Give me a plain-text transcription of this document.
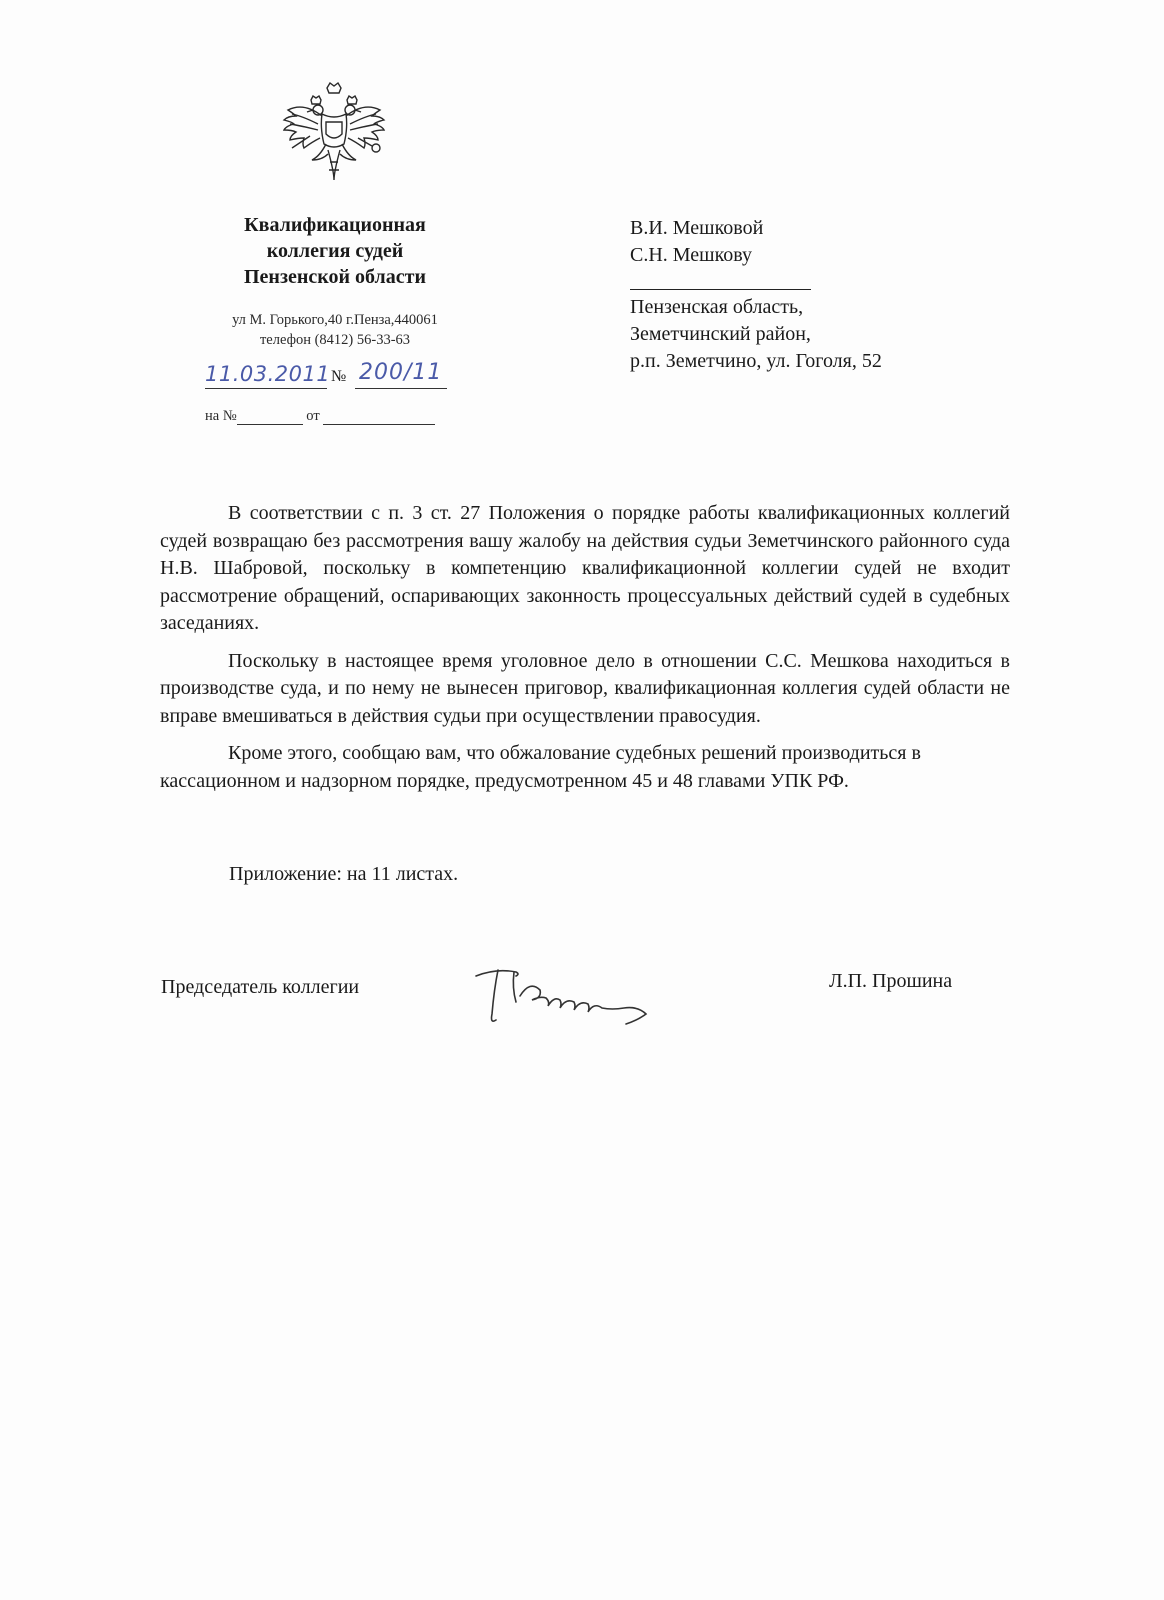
Квалификационная
коллегия судей
Пензенской области
ул М. Горького,40 г.Пенза,440061
телефон (8412) 56-33-63
11.03.2011 № 200/11
на №	от
В.И. Мешковой
С.Н. Мешкову
Пензенская область,
Земетчинский район,
р.п. Земетчино, ул. Гоголя, 52

В соответствии с п. 3 ст. 27 Положения о порядке работы квалификационных коллегий судей возвращаю без рассмотрения вашу жалобу на действия судьи Земетчинского районного суда Н.В. Шабровой, поскольку в компетенцию квалификационной коллегии судей не входит рассмотрение обращений, оспаривающих законность процессуальных действий судей в судебных заседаниях.

Поскольку в настоящее время уголовное дело в отношении С.С. Мешкова находиться в производстве суда, и по нему не вынесен приговор, квалификационная коллегия судей области не вправе вмешиваться в действия судьи при осуществлении правосудия.

Кроме этого, сообщаю вам, что обжалование судебных решений производиться в кассационном и надзорном порядке, предусмотренном 45 и 48 главами УПК РФ.

Приложение: на 11 листах.
Председатель коллегии	Л.П. Прошина
